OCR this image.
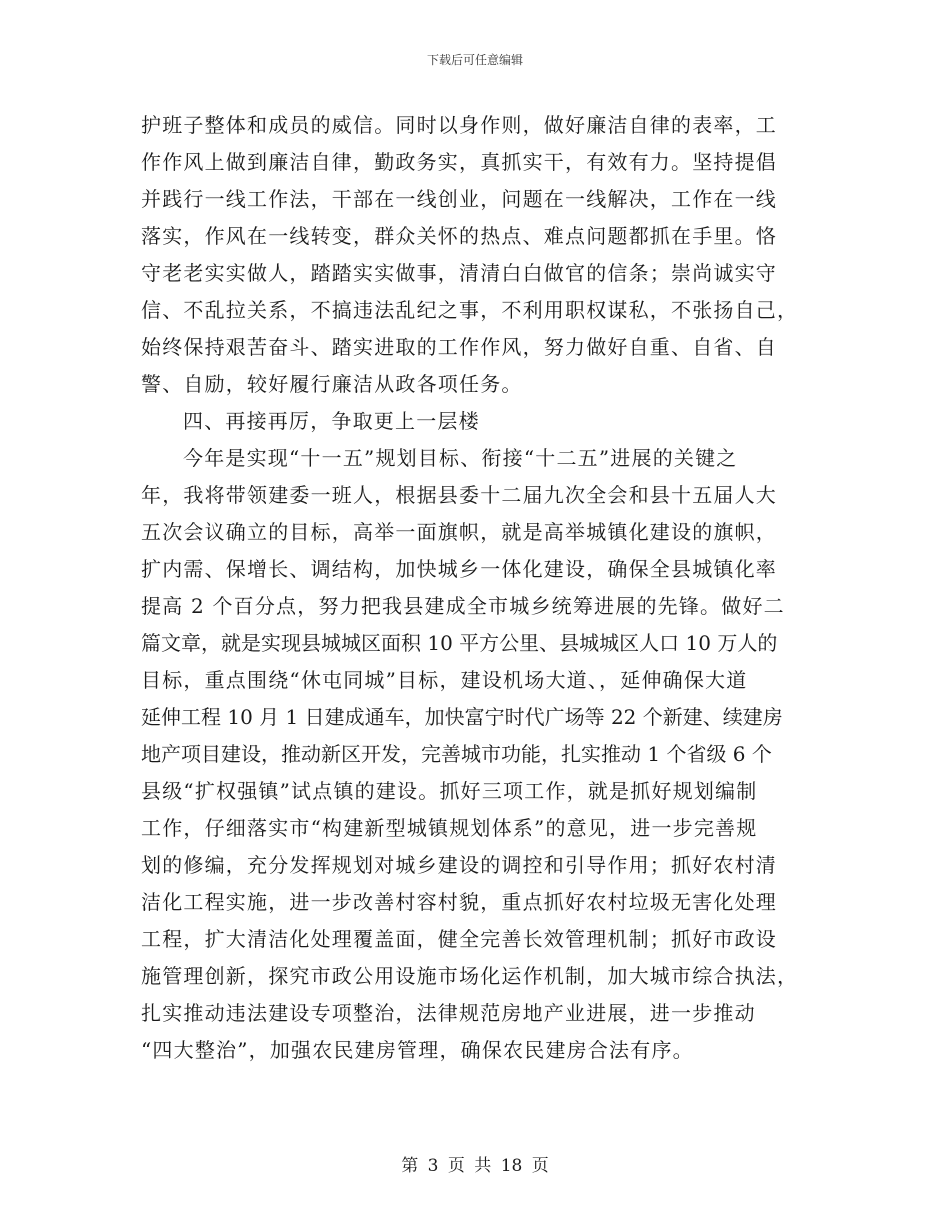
下载后可任意编辑
护班子整体和成员的威信。同时以身作则，做好廉洁自律的表率，工
作作风上做到廉洁自律，勤政务实，真抓实干，有效有力。坚持提倡
并践行一线工作法，干部在一线创业，问题在一线解决，工作在一线
落实，作风在一线转变，群众关怀的热点、难点问题都抓在手里。恪
守老老实实做人，踏踏实实做事，清清白白做官的信条；崇尚诚实守
信、不乱拉关系，不搞违法乱纪之事，不利用职权谋私，不张扬自己，
始终保持艰苦奋斗、踏实进取的工作作风，努力做好自重、自省、自
警、自励，较好履行廉洁从政各项任务。
四、再接再厉，争取更上一层楼
今年是实现“十一五”规划目标、衔接“十二五”进展的关键之
年，我将带领建委一班人，根据县委十二届九次全会和县十五届人大
五次会议确立的目标，高举一面旗帜，就是高举城镇化建设的旗帜，
扩内需、保增长、调结构，加快城乡一体化建设，确保全县城镇化率
提高 2 个百分点，努力把我县建成全市城乡统筹进展的先锋。做好二
篇文章，就是实现县城城区面积 10 平方公里、县城城区人口 10 万人的
目标，重点围绕“休屯同城”目标，建设机场大道、，延伸确保大道
延伸工程 10 月 1 日建成通车，加快富宁时代广场等 22 个新建、续建房
地产项目建设，推动新区开发，完善城市功能，扎实推动 1 个省级 6 个
县级“扩权强镇”试点镇的建设。抓好三项工作，就是抓好规划编制
工作，仔细落实市“构建新型城镇规划体系”的意见，进一步完善规
划的修编，充分发挥规划对城乡建设的调控和引导作用；抓好农村清
洁化工程实施，进一步改善村容村貌，重点抓好农村垃圾无害化处理
工程，扩大清洁化处理覆盖面，健全完善长效管理机制；抓好市政设
施管理创新，探究市政公用设施市场化运作机制，加大城市综合执法，
扎实推动违法建设专项整治，法律规范房地产业进展，进一步推动
“四大整治”，加强农民建房管理，确保农民建房合法有序。
第 3 页 共 18 页
